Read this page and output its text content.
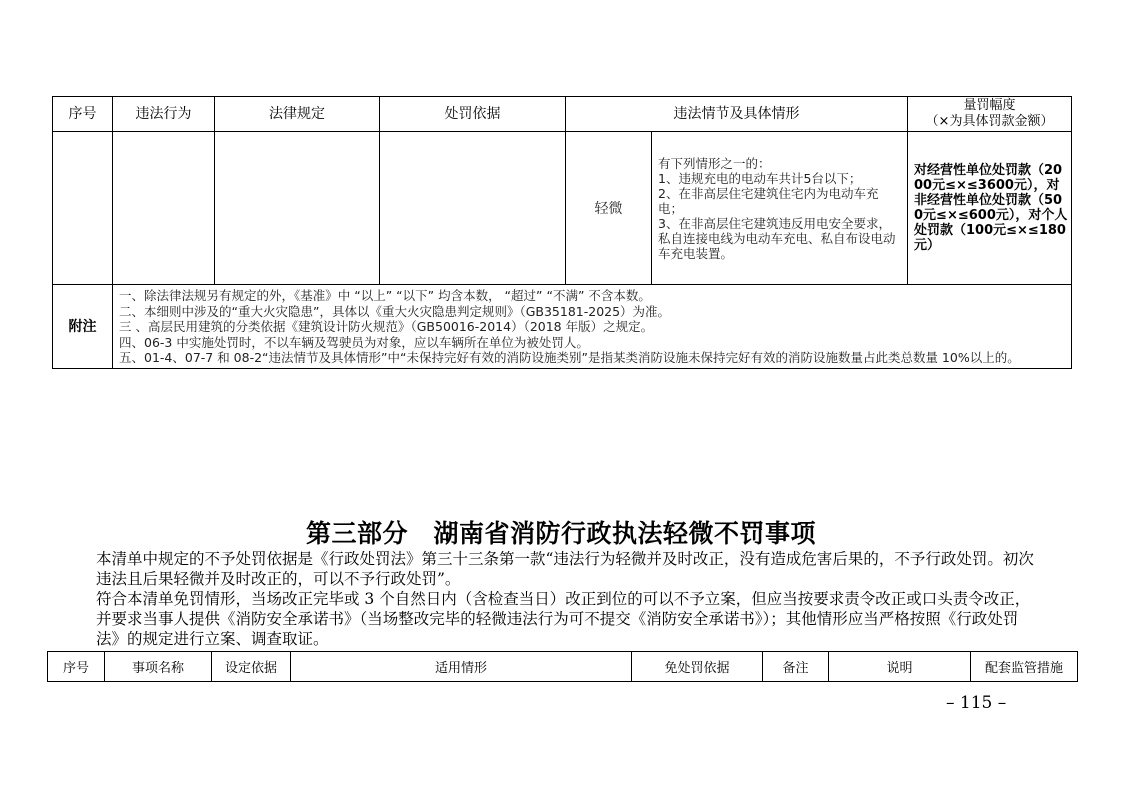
序号	违法行为	法律规定	处罚依据	违法情节及具体情形		量罚幅度
（×为具体罚款金额）

				轻微	有下列情形之一的：
1、违规充电的电动车共计5台以下；
2、在非高层住宅建筑住宅内为电动车充电；
3、在非高层住宅建筑违反用电安全要求，私自连接电线为电动车充电、私自布设电动车充电装置。	对经营性单位处罚款（2000元≤×≤3600元），对非经营性单位处罚款（500元≤×≤600元），对个人处罚款（100元≤×≤180元）
附注	一、除法律法规另有规定的外，《基准》中 “以上” “以下” 均含本数， “超过” “不满” 不含本数。
二、本细则中涉及的“重大火灾隐患”，具体以《重大火灾隐患判定规则》（GB35181-2025）为准。
三 、高层民用建筑的分类依据《建筑设计防火规范》（GB50016-2014）（2018 年版）之规定。
四、06-3 中实施处罚时，不以车辆及驾驶员为对象，应以车辆所在单位为被处罚人。
五、01-4、07-7 和 08-2“违法情节及具体情形”中“未保持完好有效的消防设施类别”是指某类消防设施未保持完好有效的消防设施数量占此类总数量 10%以上的。					
第三部分　湖南省消防行政执法轻微不罚事项

本清单中规定的不予处罚依据是《行政处罚法》第三十三条第一款“违法行为轻微并及时改正，没有造成危害后果的，不予行政处罚。初次违法且后果轻微并及时改正的，可以不予行政处罚”。

符合本清单免罚情形，当场改正完毕或 3 个自然日内（含检查当日）改正到位的可以不予立案，但应当按要求责令改正或口头责令改正，并要求当事人提供《消防安全承诺书》（当场整改完毕的轻微违法行为可不提交《消防安全承诺书》）；其他情形应当严格按照《行政处罚法》的规定进行立案、调查取证。

序号	事项名称	设定依据	适用情形	免处罚依据	备注	说明	配套监管措施
– 115 –
